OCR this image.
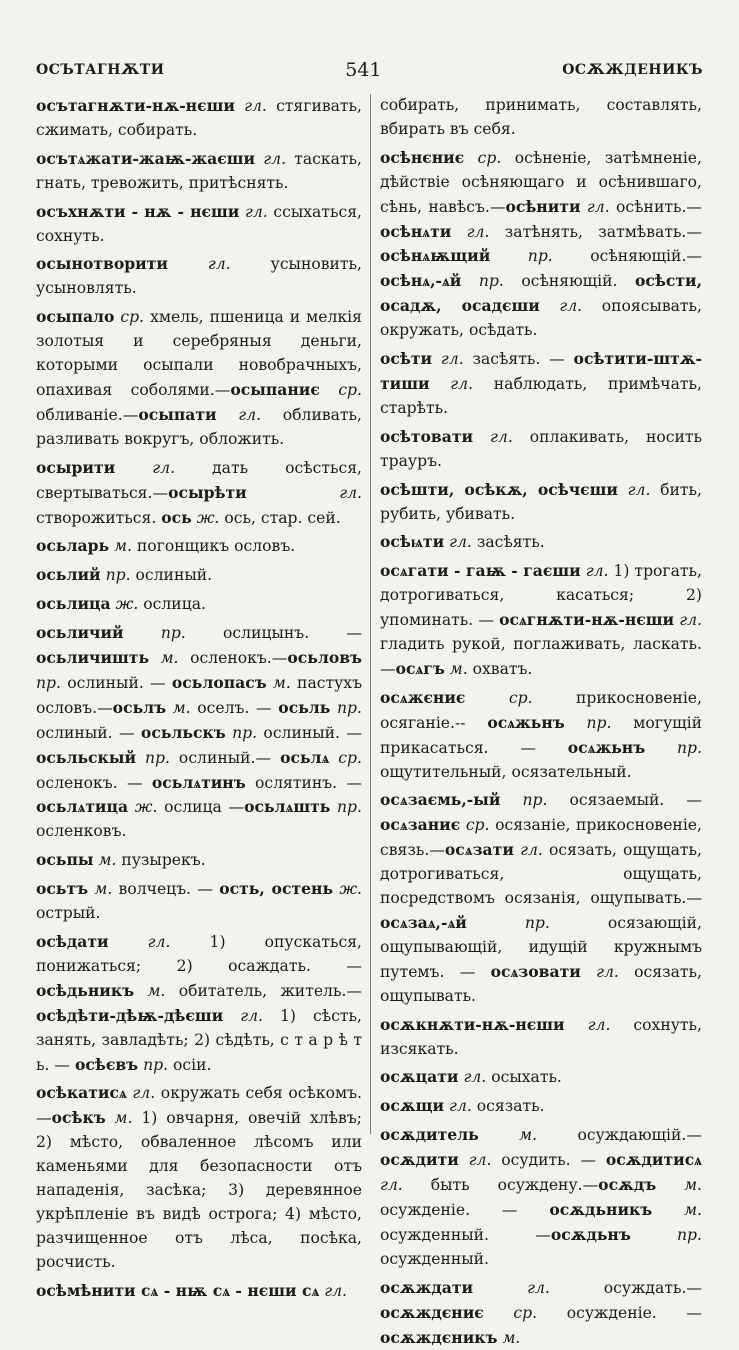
ОСЪТАГНѪТИ	541	ОСѪЖДЕНИКЪ
осътагнѫти-нѫ-нєши гл. стягивать, сжимать, собирать.
осътѧжати-жаѭ-жаєши гл. таскать, гнать, тревожить, притѣснять.
осъхнѫти - нѫ - нєши гл. ссыхаться, сохнуть.
осынотворити гл. усыновить, усыновлять.
осыпало ср. хмель, пшеница и мелкія золотыя и серебряныя деньги, которыми осыпали новобрачныхъ, опахивая соболями.—осыпаниє ср. обливаніе.—осыпати гл. обливать, разливать вокругъ, обложить.
осырити гл. дать осѣсться, свертываться.—осырѣти гл. створожиться. ось ж. ось, стар. сей.
осьларь м. погонщикъ ословъ.
осьлий пр. ослиный.
осьлица ж. ослица.
осьличий пр. ослицынъ. — осьличишть м. осленокъ.—осьловъ пр. ослиный. — осьлопасъ м. пастухъ ословъ.—осьлъ м. оселъ. — осьль пр. ослиный. — осьльскъ пр. ослиный. — осьльскый пр. ослиный.— осьлѧ ср. осленокъ. — осьлѧтинъ ослятинъ. — осьлѧтица ж. ослица —осьлѧшть пр. осленковъ.
осьпы м. пузырекъ.
осьтъ м. волчецъ. — ость, остень ж. острый.
осѣдати гл. 1) опускаться, понижаться; 2) осаждать. — осѣдьникъ м. обитатель, житель.— осѣдѣти-дѣѭ-дѣєши гл. 1) сѣсть, занять, завладѣть; 2) сѣдѣть, с т а р ѣ т ь. — осѣєвъ пр. осіи.
осѣкатисѧ гл. окружать себя осѣкомъ.—осѣкъ м. 1) овчарня, овечій хлѣвъ; 2) мѣсто, обваленное лѣсомъ или каменьями для безопасности отъ нападенія, засѣка; 3) деревянное укрѣпленіе въ видѣ острога; 4) мѣсто, разчищенное отъ лѣса, посѣка, росчисть.
осѣмѣнити сѧ - нѭ сѧ - нєши сѧ гл.
собирать, принимать, составлять, вбирать въ себя.
осѣнєниє ср. осѣненіе, затѣмненіе, дѣйствіе осѣняющаго и осѣнившаго, сѣнь, навѣсъ.—осѣнити гл. осѣнить.—осѣнѧти гл. затѣнять, затмѣвать.—осѣнѧѭщий пр. осѣняющій.— осѣнѧ,-ѧй пр. осѣняющій. осѣсти, осадѫ, осадєши гл. опоясывать, окружать, осѣдать.
осѣти гл. засѣять. — осѣтити-штѫ-тиши гл. наблюдать, примѣчать, старѣть.
осѣтовати гл. оплакивать, носить трауръ.
осѣшти, осѣкѫ, осѣчєши гл. бить, рубить, убивать.
осѣѩти гл. засѣять.
осѧгати - гаѭ - гаєши гл. 1) трогать, дотрогиваться, касаться; 2) упоминать. — осѧгнѫти-нѫ-нєши гл. гладить рукой, поглаживать, ласкать. —осѧгъ м. охватъ.
осѧжєниє ср. прикосновеніе, осяганіе.-- осѧжьнъ пр. могущій прикасаться. — осѧжьнъ пр. ощутительный, осязательный.
осѧзаємь,-ый пр. осязаемый. — осѧзаниє ср. осязаніе, прикосновеніе, связь.—осѧзати гл. осязать, ощущать, дотрогиваться, ощущать, посредствомъ осязанія, ощупывать.— осѧзаѧ,-ѧй пр. осязающій, ощупывающій, идущій кружнымъ путемъ. — осѧзовати гл. осязать, ощупывать.
осѫкнѫти-нѫ-нєши гл. сохнуть, изсякать.
осѫцати гл. осыхать.
осѫщи гл. осязать.
осѫдитель м. осуждающій.— осѫдити гл. осудить. — осѫдитисѧ гл. быть осуждену.—осѫдъ м. осужденіе. — осѫдьникъ м. осужденный. —осѫдьнъ пр. осужденный.
осѫждати гл. осуждать.—осѫждєниє ср. осужденіе. — осѫждєникъ м.
